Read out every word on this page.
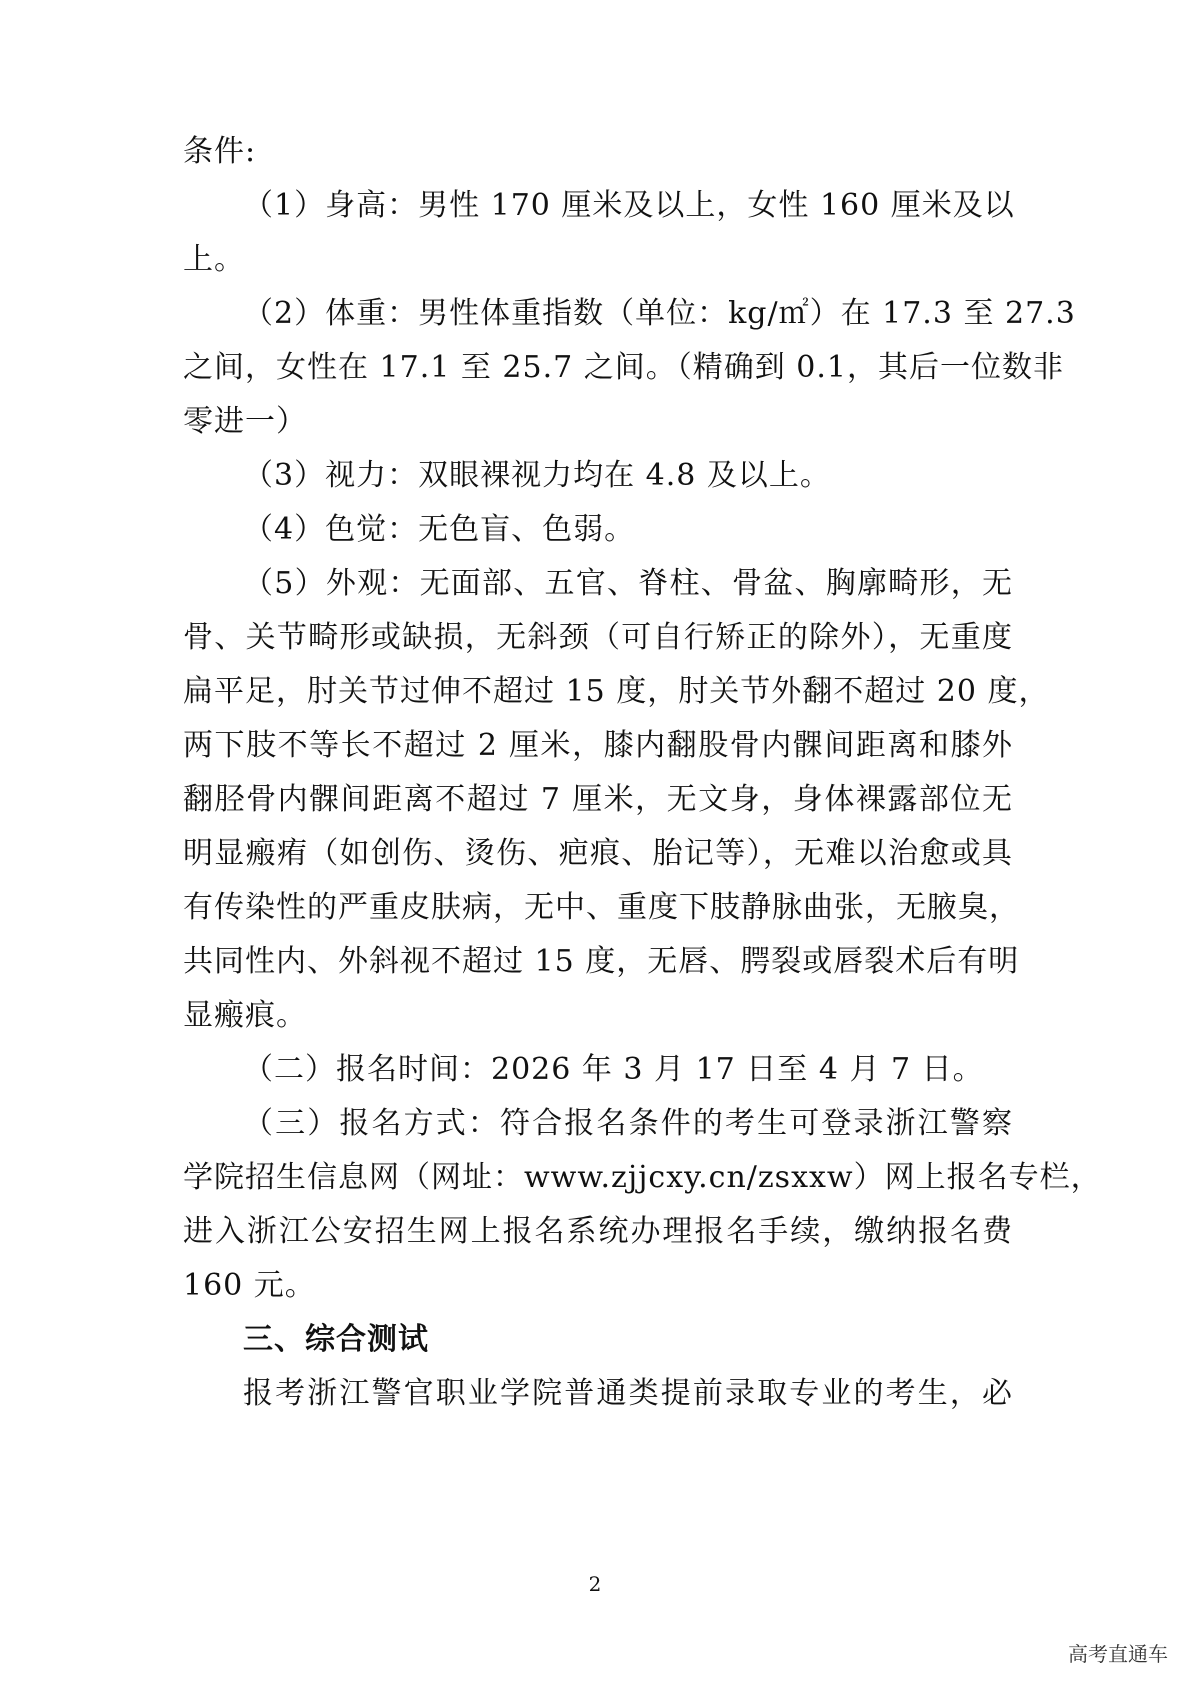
条件:
（1）身高：男性 170 厘米及以上，女性 160 厘米及以
上。
（2）体重：男性体重指数（单位：kg/㎡）在 17.3 至 27.3
之间，女性在 17.1 至 25.7 之间。（精确到 0.1，其后一位数非
零进一）
（3）视力：双眼裸视力均在 4.8 及以上。
（4）色觉：无色盲、色弱。
（5）外观：无面部、五官、脊柱、骨盆、胸廓畸形，无
骨、关节畸形或缺损，无斜颈（可自行矫正的除外），无重度
扁平足，肘关节过伸不超过 15 度，肘关节外翻不超过 20 度，
两下肢不等长不超过 2 厘米，膝内翻股骨内髁间距离和膝外
翻胫骨内髁间距离不超过 7 厘米，无文身，身体裸露部位无
明显瘢痏（如创伤、烫伤、疤痕、胎记等），无难以治愈或具
有传染性的严重皮肤病，无中、重度下肢静脉曲张，无腋臭，
共同性内、外斜视不超过 15 度，无唇、腭裂或唇裂术后有明
显瘢痕。
（二）报名时间：2026 年 3 月 17 日至 4 月 7 日。
（三）报名方式：符合报名条件的考生可登录浙江警察
学院招生信息网（网址：www.zjjcxy.cn/zsxxw）网上报名专栏，
进入浙江公安招生网上报名系统办理报名手续，缴纳报名费
160 元。
三、综合测试
报考浙江警官职业学院普通类提前录取专业的考生，必
2
高考直通车
